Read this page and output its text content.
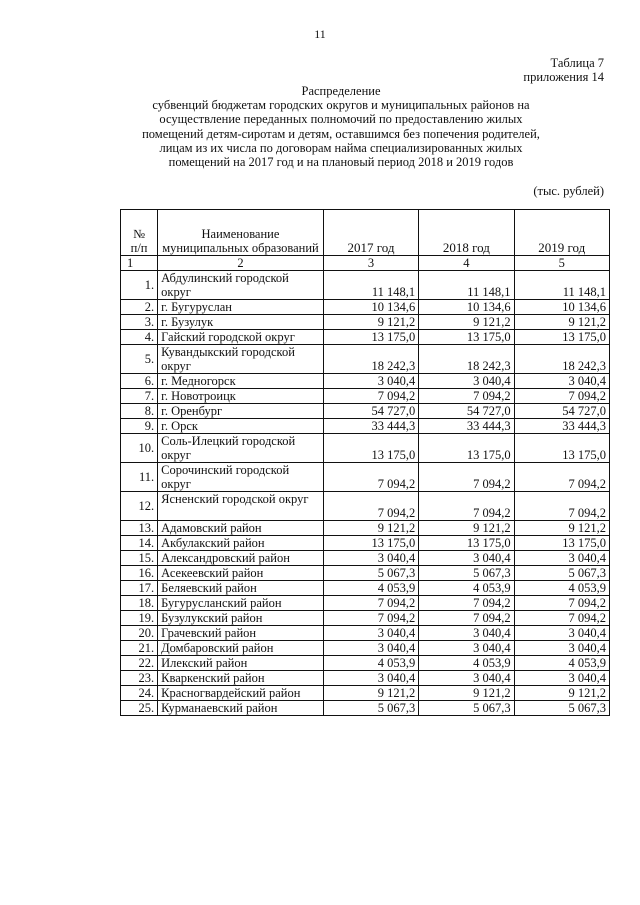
11
Таблица 7
приложения 14
Распределение
субвенций бюджетам городских округов и муниципальных районов на
осуществление переданных полномочий по предоставлению жилых
помещений детям-сиротам и детям, оставшимся без попечения родителей,
лицам из их числа по договорам найма специализированных жилых
помещений на 2017 год и на плановый период 2018 и 2019 годов
(тыс. рублей)
№
п/п	Наименование муниципальных образований	2017 год	2018 год	2019 год
1	2	3	4	5
1.	Абдулинский городской округ	11 148,1	11 148,1	11 148,1
2.	г. Бугуруслан	10 134,6	10 134,6	10 134,6
3.	г. Бузулук	9 121,2	9 121,2	9 121,2
4.	Гайский городской округ	13 175,0	13 175,0	13 175,0
5.	Кувандыкский городской округ	18 242,3	18 242,3	18 242,3
6.	г. Медногорск	3 040,4	3 040,4	3 040,4
7.	г. Новотроицк	7 094,2	7 094,2	7 094,2
8.	г. Оренбург	54 727,0	54 727,0	54 727,0
9.	г. Орск	33 444,3	33 444,3	33 444,3
10.	Соль-Илецкий городской округ	13 175,0	13 175,0	13 175,0
11.	Сорочинский городской округ	7 094,2	7 094,2	7 094,2
12.	Ясненский городской округ	7 094,2	7 094,2	7 094,2
13.	Адамовский район	9 121,2	9 121,2	9 121,2
14.	Акбулакский район	13 175,0	13 175,0	13 175,0
15.	Александровский район	3 040,4	3 040,4	3 040,4
16.	Асекеевский район	5 067,3	5 067,3	5 067,3
17.	Беляевский район	4 053,9	4 053,9	4 053,9
18.	Бугурусланский район	7 094,2	7 094,2	7 094,2
19.	Бузулукский район	7 094,2	7 094,2	7 094,2
20.	Грачевский район	3 040,4	3 040,4	3 040,4
21.	Домбаровский район	3 040,4	3 040,4	3 040,4
22.	Илекский район	4 053,9	4 053,9	4 053,9
23.	Кваркенский район	3 040,4	3 040,4	3 040,4
24.	Красногвардейский район	9 121,2	9 121,2	9 121,2
25.	Курманаевский район	5 067,3	5 067,3	5 067,3
